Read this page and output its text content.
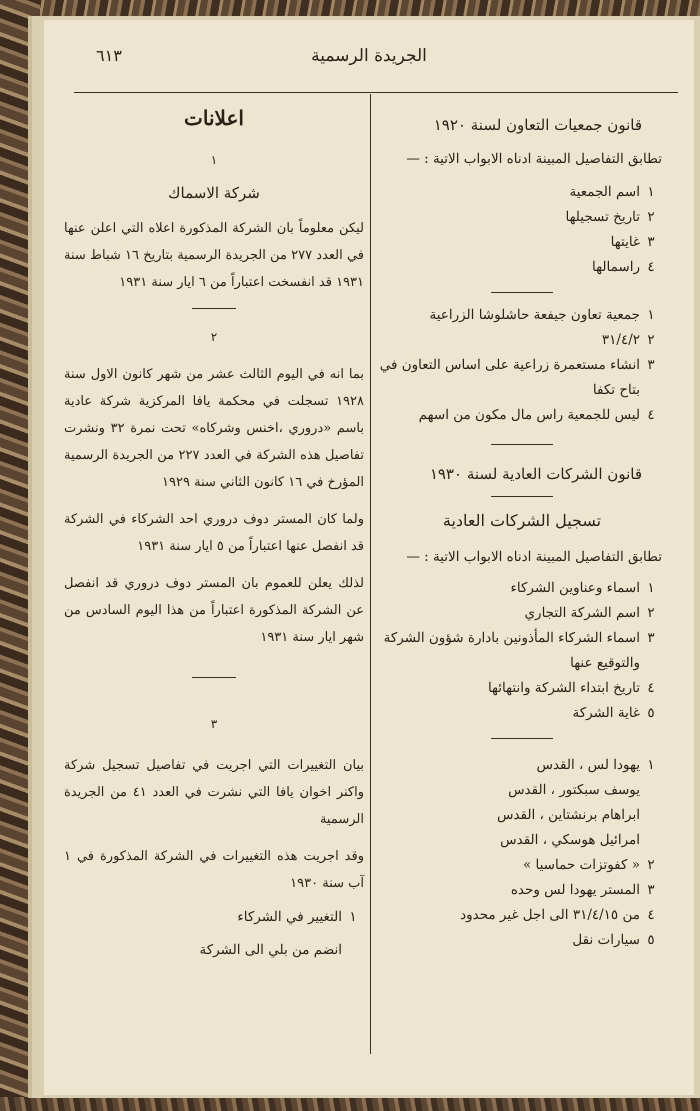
الجريدة الرسمية
٦١٣
قانون جمعيات التعاون لسنة ١٩٢٠
تطابق التفاصيل المبينة ادناه الابواب الاتية : —
١اسم الجمعية
٢تاريخ تسجيلها
٣غايتها
٤راسمالها
١جمعية تعاون جيفعة حاشلوشا الزراعية
٢٣١/٤/٢
٣انشاء مستعمرة زراعية على اساس التعاون في
بتاح تكفا
٤ليس للجمعية راس مال مكون من اسهم
قانون الشركات العادية لسنة ١٩٣٠
تسجيل الشركات العادية
تطابق التفاصيل المبينة ادناه الابواب الاتية : —
١اسماء وعناوين الشركاء
٢اسم الشركة التجاري
٣اسماء الشركاء المأذونين بادارة شؤون الشركة
والتوقيع عنها
٤تاريخ ابتداء الشركة وانتهائها
٥غاية الشركة
١يهودا لس ، القدس
يوسف سبكتور ، القدس
ابراهام برنشتاين ، القدس
امرائيل هوسكي ، القدس
٢« كفوتزات حماسيا »
٣المستر يهودا لس وحده
٤من ٣١/٤/١٥ الى اجل غير محدود
٥سيارات نقل
اعلانات
١
شركة الاسماك
ليكن معلوماً بان الشركة المذكورة اعلاه التي اعلن عنها في العدد ٢٧٧ من الجريدة الرسمية بتاريخ ١٦ شباط سنة ١٩٣١ قد انفسخت اعتباراً من ٦ ايار سنة ١٩٣١
٢
بما انه في اليوم الثالث عشر من شهر كانون الاول سنة ١٩٢٨ تسجلت في محكمة يافا المركزية شركة عادية باسم «دروري ،اخنس وشركاه» تحت نمرة ٣٢ ونشرت تفاصيل هذه الشركة في العدد ٢٢٧ من الجريدة الرسمية المؤرخ في ١٦ كانون الثاني سنة ١٩٢٩
ولما كان المستر دوف دروري احد الشركاء في الشركة قد انفصل عنها اعتباراً من ٥ ايار سنة ١٩٣١
لذلك يعلن للعموم بان المستر دوف دروري قد انفصل عن الشركة المذكورة اعتباراً من هذا اليوم السادس من شهر ايار سنة ١٩٣١
٣
بيان التغييرات التي اجريت في تفاصيل تسجيل شركة واكنر اخوان يافا التي نشرت في العدد ٤١ من الجريدة الرسمية
وقد اجريت هذه التغييرات في الشركة المذكورة في ١ آب سنة ١٩٣٠
١التغيير في الشركاء
انضم من بلي الى الشركة
